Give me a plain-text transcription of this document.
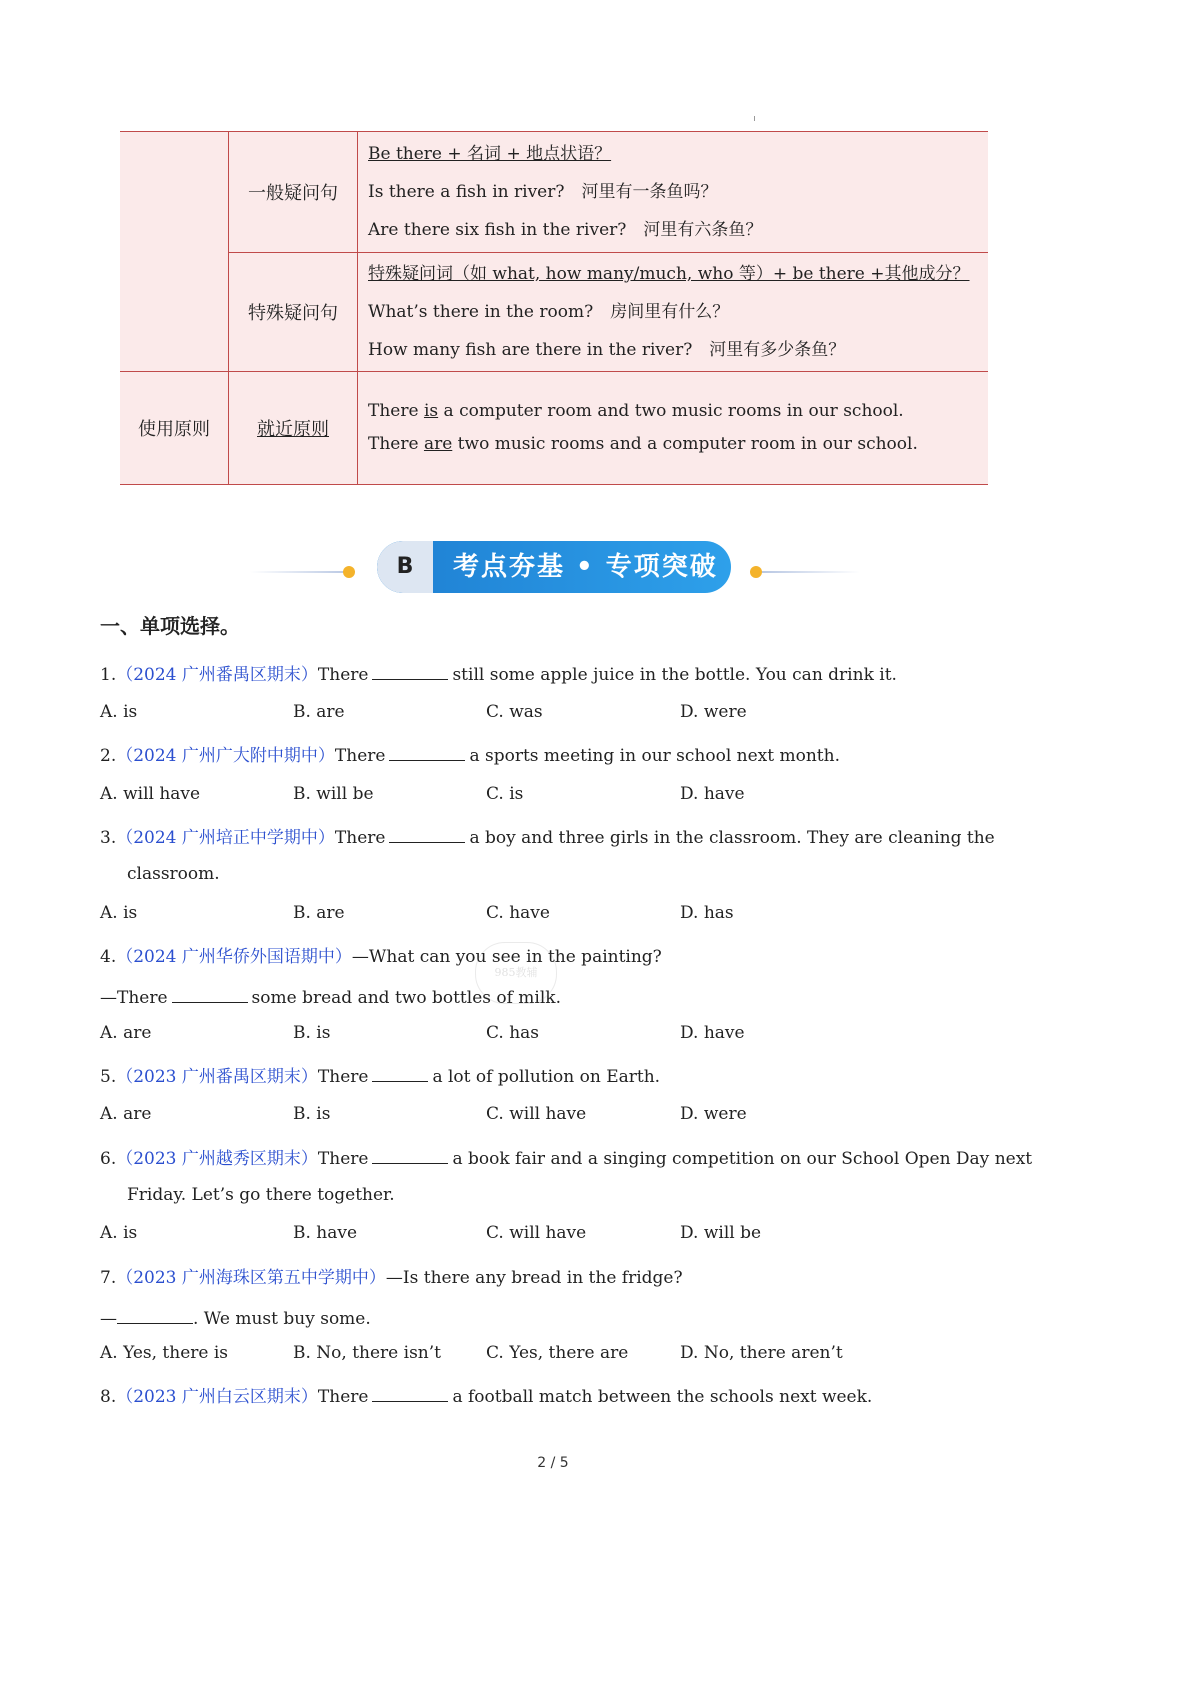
	一般疑问句	Be there + 名词 + 地点状语？
Is there a fish in river?　河里有一条鱼吗？
Are there six fish in the river?　河里有六条鱼？

	特殊疑问句	特殊疑问词（如 what, how many/much, who 等）+ be there +其他成分？
What’s there in the room?　房间里有什么？
How many fish are there in the river?　河里有多少条鱼？

使用原则	就近原则	There is a computer room and two music rooms in our school.
There are two music rooms and a computer room in our school.
B	考点夯基 • 专项突破
一、单项选择。
1.（2024 广州番禺区期末）There	still some apple juice in the bottle. You can drink it.
A. is	B. are	C. was	D. were
2.（2024 广州广大附中期中）There	a sports meeting in our school next month.
A. will have	B. will be	C. is	D. have
3.（2024 广州培正中学期中）There	a boy and three girls in the classroom. They are cleaning the
classroom.
A. is	B. are	C. have	D. has
4.（2024 广州华侨外国语期中）—What can you see in the painting?
—There	some bread and two bottles of milk.
A. are	B. is	C. has	D. have
5.（2023 广州番禺区期末）There	a lot of pollution on Earth.
A. are	B. is	C. will have	D. were
6.（2023 广州越秀区期末）There	a book fair and a singing competition on our School Open Day next
Friday. Let’s go there together.
A. is	B. have	C. will have	D. will be
7.（2023 广州海珠区第五中学期中）—Is there any bread in the fridge?
—	. We must buy some.
A. Yes, there is	B. No, there isn’t	C. Yes, there are	D. No, there aren’t
8.（2023 广州白云区期末）There	a football match between the schools next week.
985教辅
2 / 5
